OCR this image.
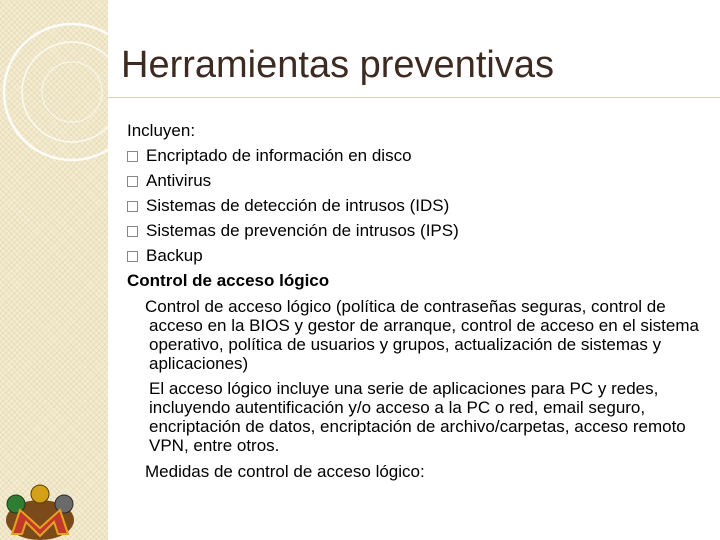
Herramientas preventivas
Incluyen:
Encriptado de información en disco
Antivirus
Sistemas de detección de intrusos (IDS)
Sistemas de prevención de intrusos (IPS)
Backup
Control de acceso lógico
Control de acceso lógico (política de contraseñas seguras, control de acceso en la BIOS y gestor de arranque, control de acceso en el sistema operativo, política de usuarios y grupos, actualización de sistemas y aplicaciones)
El acceso lógico incluye una serie de aplicaciones para PC y redes, incluyendo autentificación y/o acceso a la PC o red, email seguro, encriptación de datos, encriptación de archivo/carpetas, acceso remoto VPN, entre otros.
Medidas de control de acceso lógico:
